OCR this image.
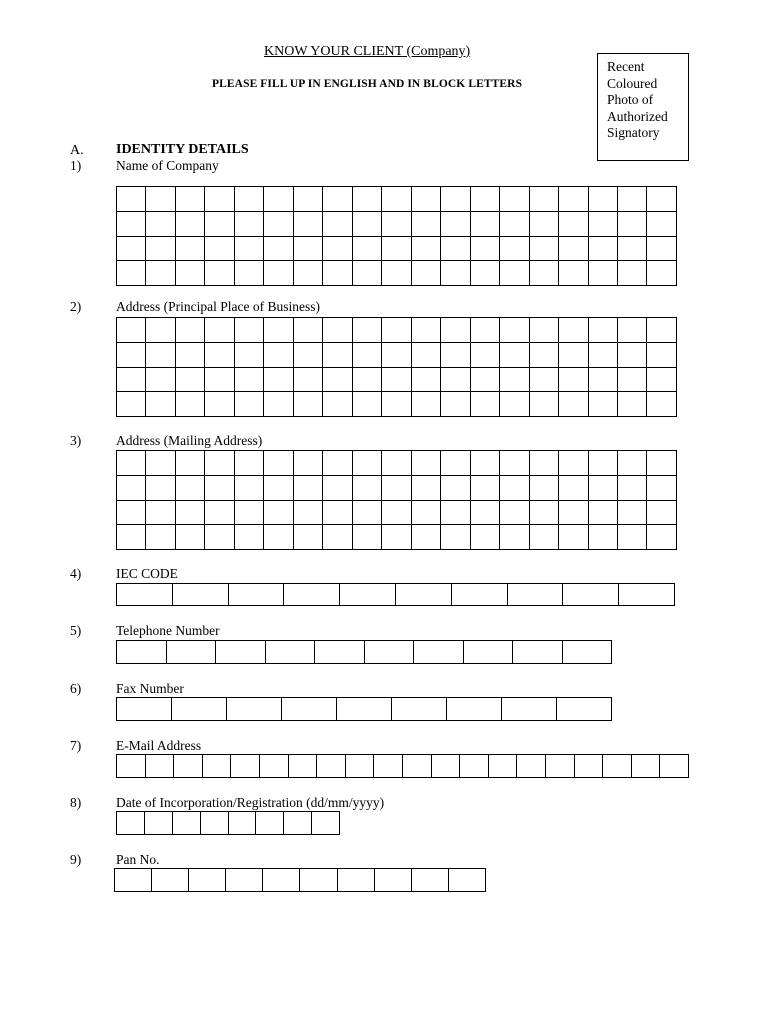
KNOW YOUR CLIENT (Company)
PLEASE FILL UP IN ENGLISH AND IN BLOCK LETTERS
Recent
Coloured
Photo of
Authorized
Signatory
A. IDENTITY DETAILS
1)	Name of Company

2)	Address (Principal Place of Business)

3)	Address (Mailing Address)

4)	IEC CODE

5)	Telephone Number

6)	Fax Number

7)	E-Mail Address

8)	Date of Incorporation/Registration (dd/mm/yyyy)

9)	Pan No.
